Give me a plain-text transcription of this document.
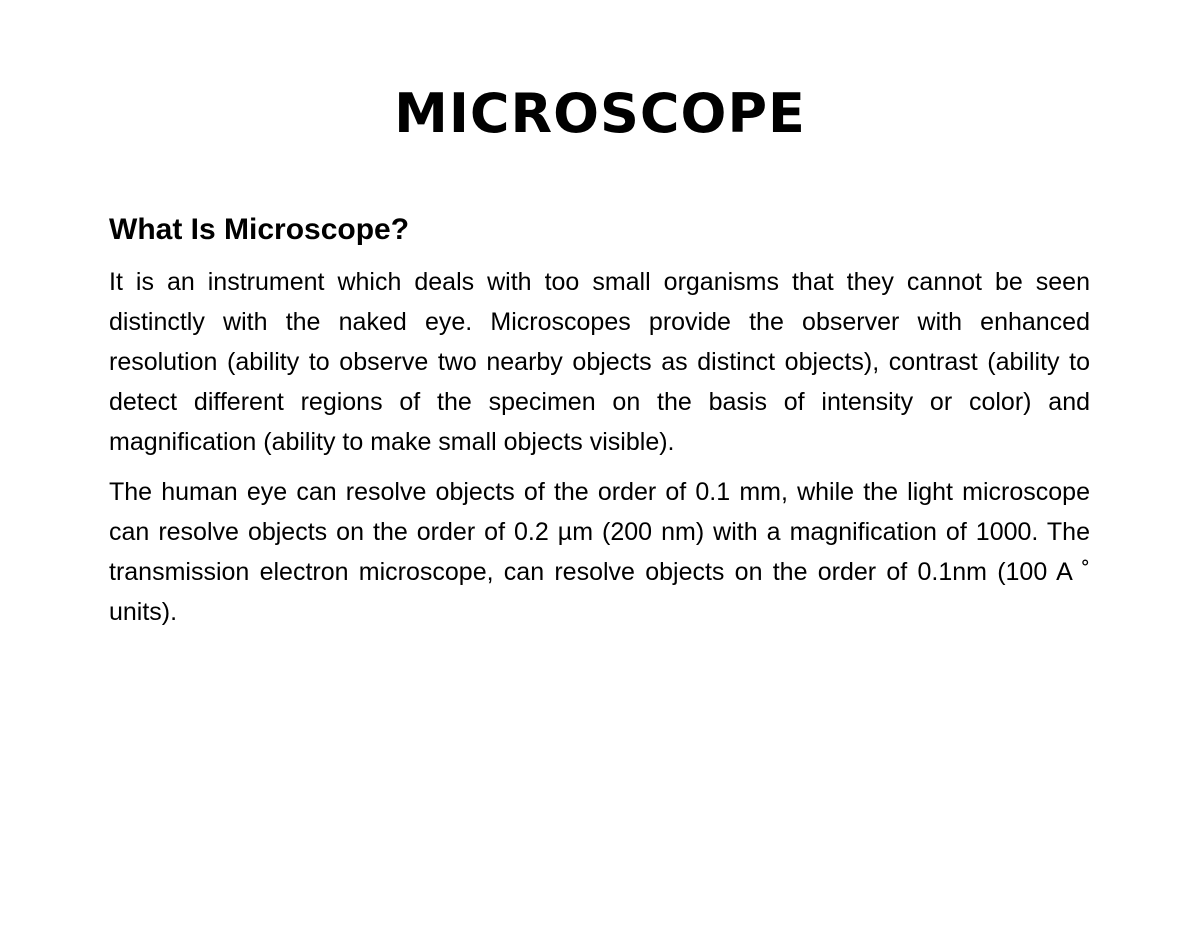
MICROSCOPE
What Is Microscope?

It is an instrument which deals with too small organisms that they cannot be seen distinctly with the naked eye. Microscopes provide the observer with enhanced resolution (ability to observe two nearby objects as distinct objects), contrast (ability to detect different regions of the specimen on the basis of intensity or color) and magnification (ability to make small objects visible).

The human eye can resolve objects of the order of 0.1 mm, while the light microscope can resolve objects on the order of 0.2 µm (200 nm) with a magnification of 1000. The transmission electron microscope, can resolve objects on the order of 0.1nm (100 A ˚ units).
